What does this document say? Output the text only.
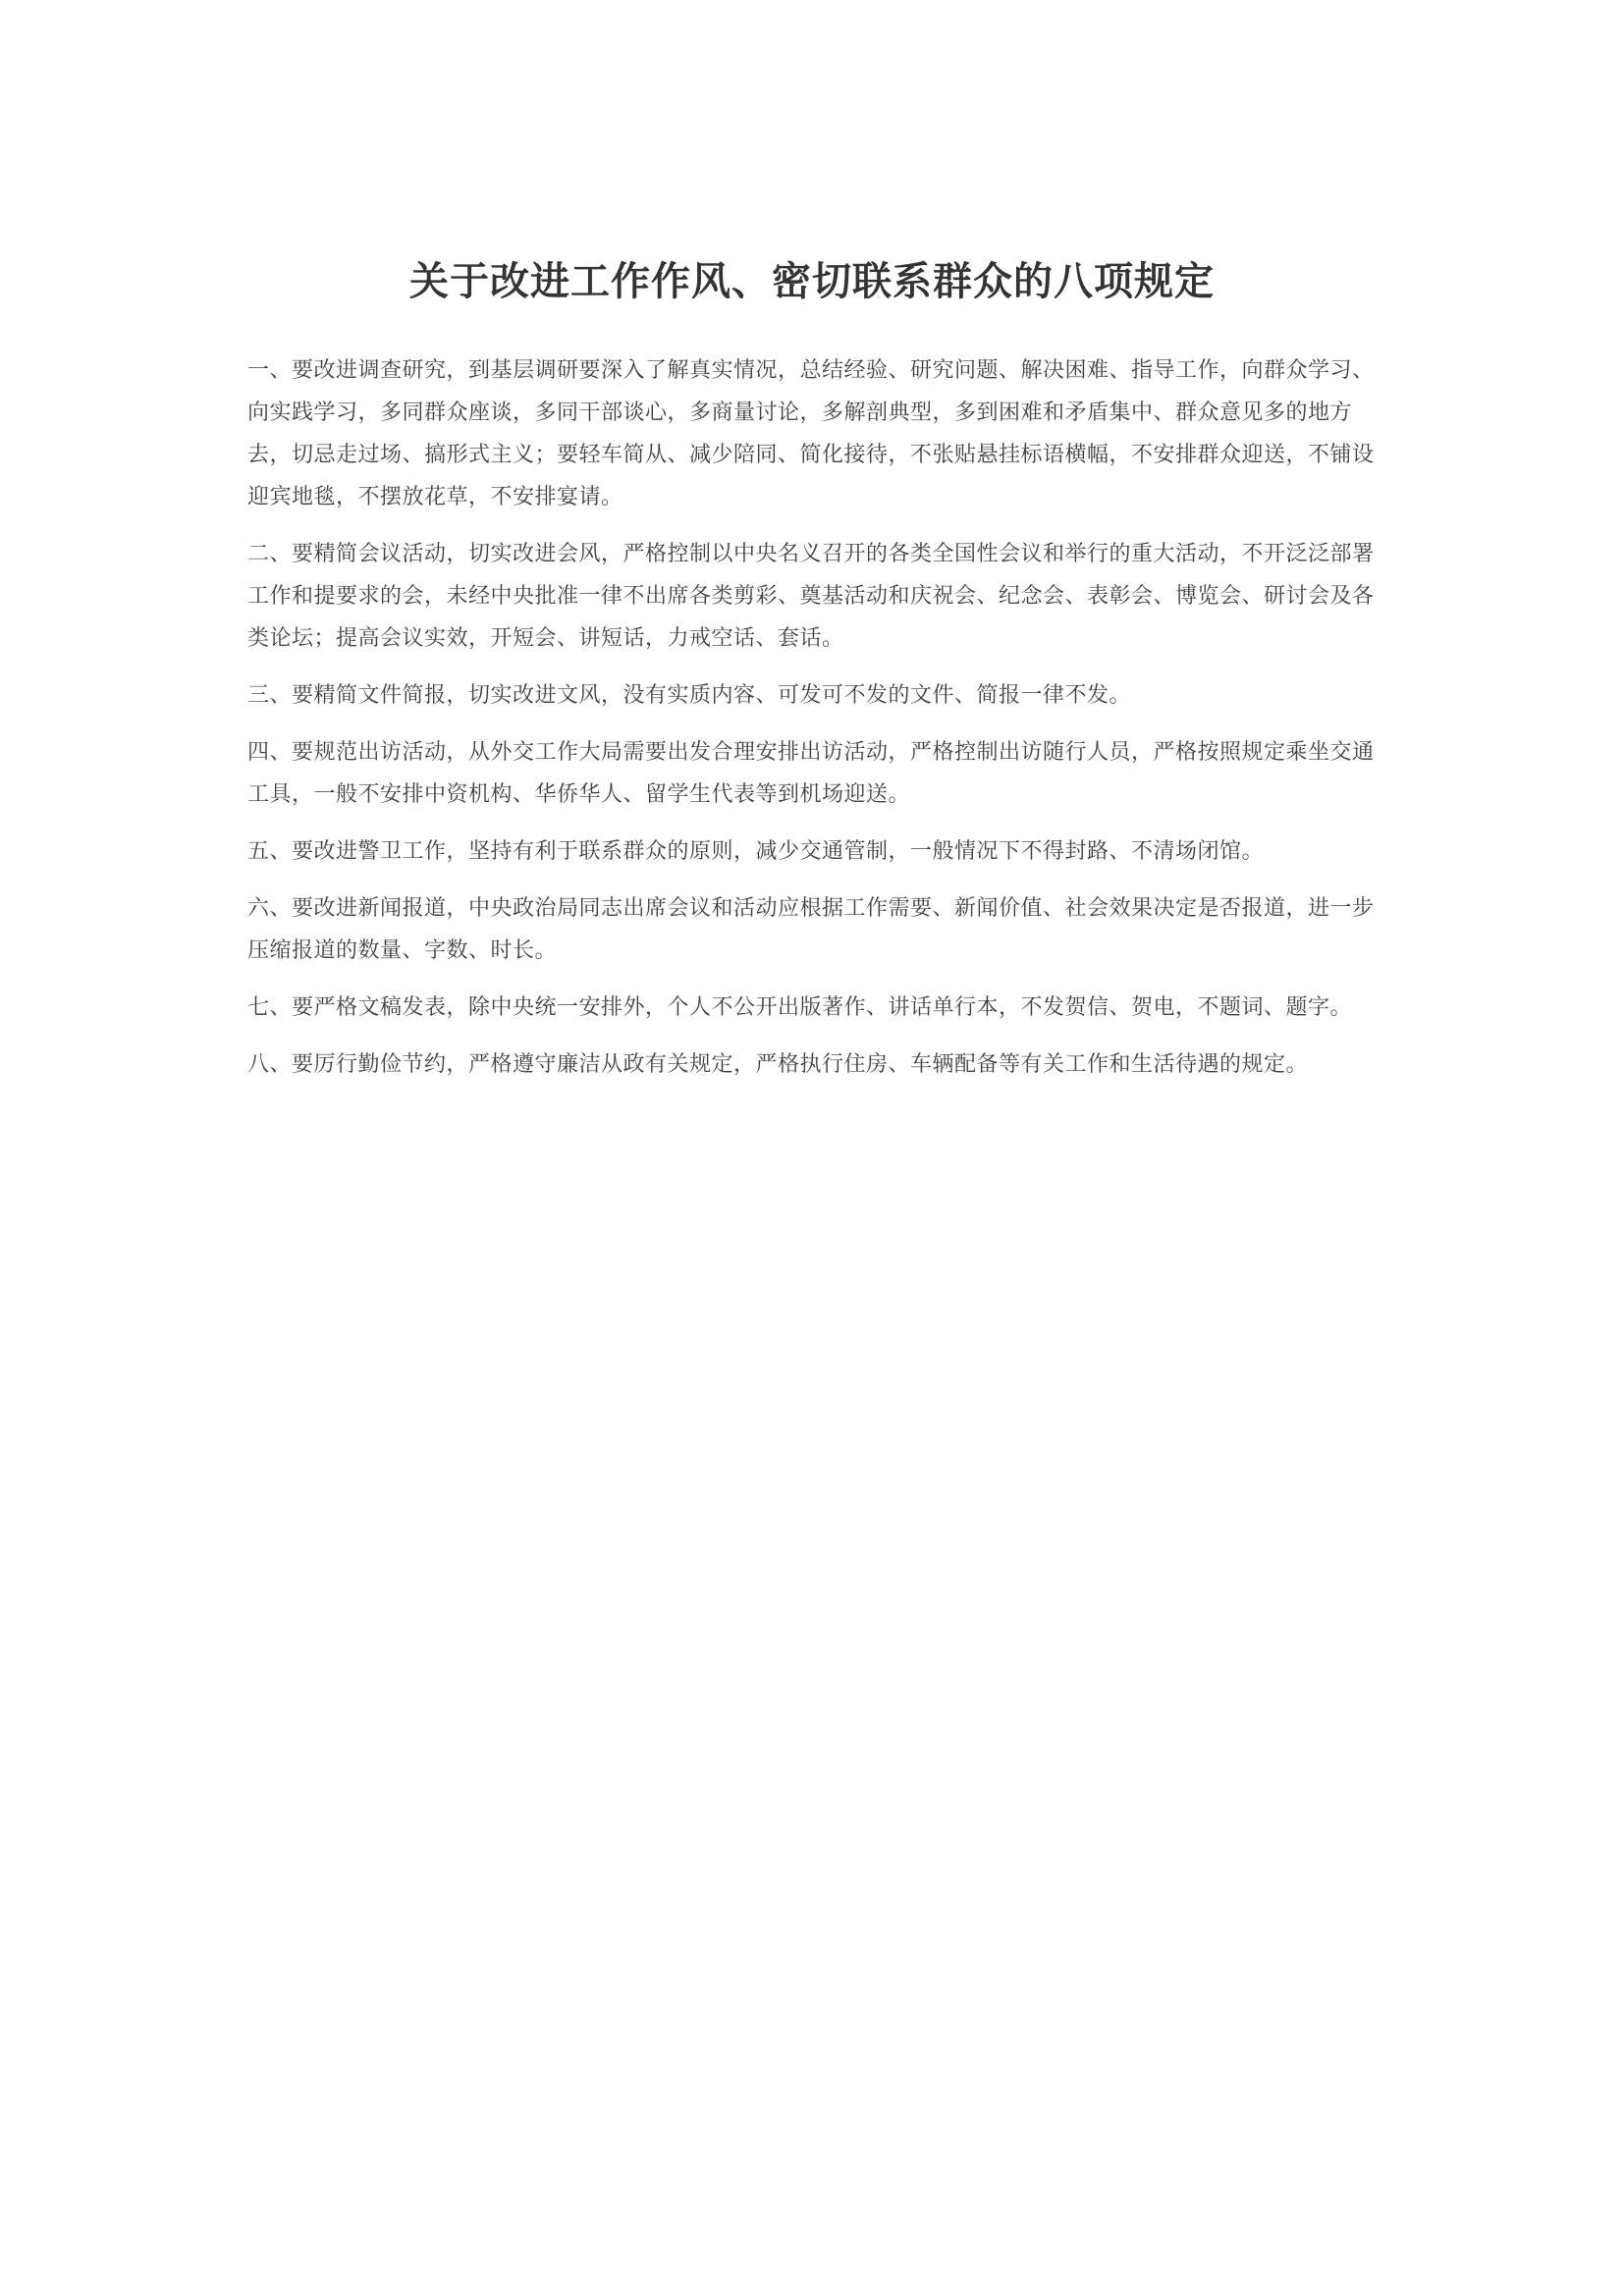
关于改进工作作风、密切联系群众的八项规定

一、要改进调查研究，到基层调研要深入了解真实情况，总结经验、研究问题、解决困难、指导工作，向群众学习、向实践学习，多同群众座谈，多同干部谈心，多商量讨论，多解剖典型，多到困难和矛盾集中、群众意见多的地方去，切忌走过场、搞形式主义；要轻车简从、减少陪同、简化接待，不张贴悬挂标语横幅，不安排群众迎送，不铺设迎宾地毯，不摆放花草，不安排宴请。

二、要精简会议活动，切实改进会风，严格控制以中央名义召开的各类全国性会议和举行的重大活动，不开泛泛部署工作和提要求的会，未经中央批准一律不出席各类剪彩、奠基活动和庆祝会、纪念会、表彰会、博览会、研讨会及各类论坛；提高会议实效，开短会、讲短话，力戒空话、套话。

三、要精简文件简报，切实改进文风，没有实质内容、可发可不发的文件、简报一律不发。

四、要规范出访活动，从外交工作大局需要出发合理安排出访活动，严格控制出访随行人员，严格按照规定乘坐交通工具，一般不安排中资机构、华侨华人、留学生代表等到机场迎送。

五、要改进警卫工作，坚持有利于联系群众的原则，减少交通管制，一般情况下不得封路、不清场闭馆。

六、要改进新闻报道，中央政治局同志出席会议和活动应根据工作需要、新闻价值、社会效果决定是否报道，进一步压缩报道的数量、字数、时长。

七、要严格文稿发表，除中央统一安排外，个人不公开出版著作、讲话单行本，不发贺信、贺电，不题词、题字。

八、要厉行勤俭节约，严格遵守廉洁从政有关规定，严格执行住房、车辆配备等有关工作和生活待遇的规定。
